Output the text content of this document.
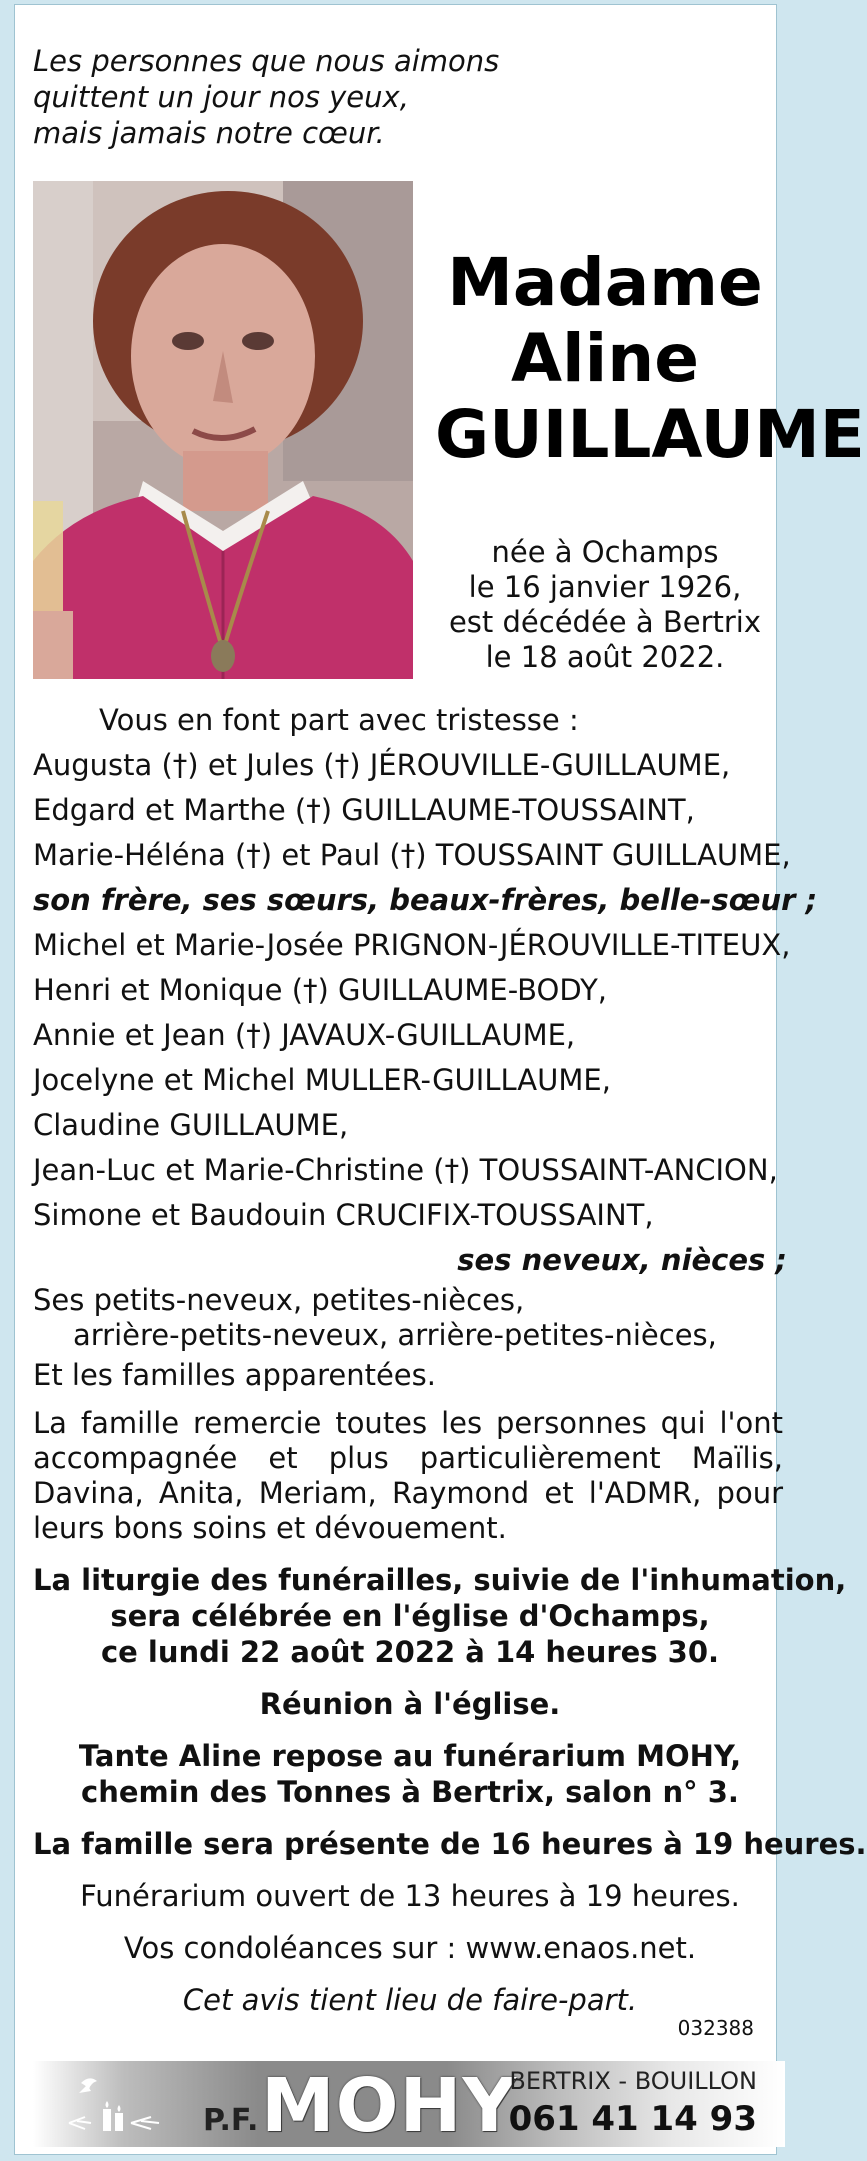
Les personnes que nous aimons
quittent un jour nos yeux,
mais jamais notre cœur.
Madame
Aline
GUILLAUME
née à Ochamps
le 16 janvier 1926,
est décédée à Bertrix
le 18 août 2022.
Vous en font part avec tristesse :
Augusta (†) et Jules (†) JÉROUVILLE-GUILLAUME,
Edgard et Marthe (†) GUILLAUME-TOUSSAINT,
Marie-Héléna (†) et Paul (†) TOUSSAINT GUILLAUME,
son frère, ses sœurs, beaux-frères, belle-sœur ;
Michel et Marie-Josée PRIGNON-JÉROUVILLE-TITEUX,
Henri et Monique (†) GUILLAUME-BODY,
Annie et Jean (†) JAVAUX-GUILLAUME,
Jocelyne et Michel MULLER-GUILLAUME,
Claudine GUILLAUME,
Jean-Luc et Marie-Christine (†) TOUSSAINT-ANCION,
Simone et Baudouin CRUCIFIX-TOUSSAINT,
ses neveux, nièces ;
Ses petits-neveux, petites-nièces,
arrière-petits-neveux, arrière-petites-nièces,
Et les familles apparentées.
La famille remercie toutes les personnes qui l'ont accompagnée et plus particulièrement Maïlis, Davina, Anita, Meriam, Raymond et l'ADMR, pour leurs bons soins et dévouement.
La liturgie des funérailles, suivie de l'inhumation,
sera célébrée en l'église d'Ochamps,
ce lundi 22 août 2022 à 14 heures 30.
Réunion à l'église.
Tante Aline repose au funérarium MOHY,
chemin des Tonnes à Bertrix, salon n° 3.
La famille sera présente de 16 heures à 19 heures.
Funérarium ouvert de 13 heures à 19 heures.
Vos condoléances sur : www.enaos.net.
Cet avis tient lieu de faire-part.
032388
P.F. MOHY
BERTRIX - BOUILLON
061 41 14 93
